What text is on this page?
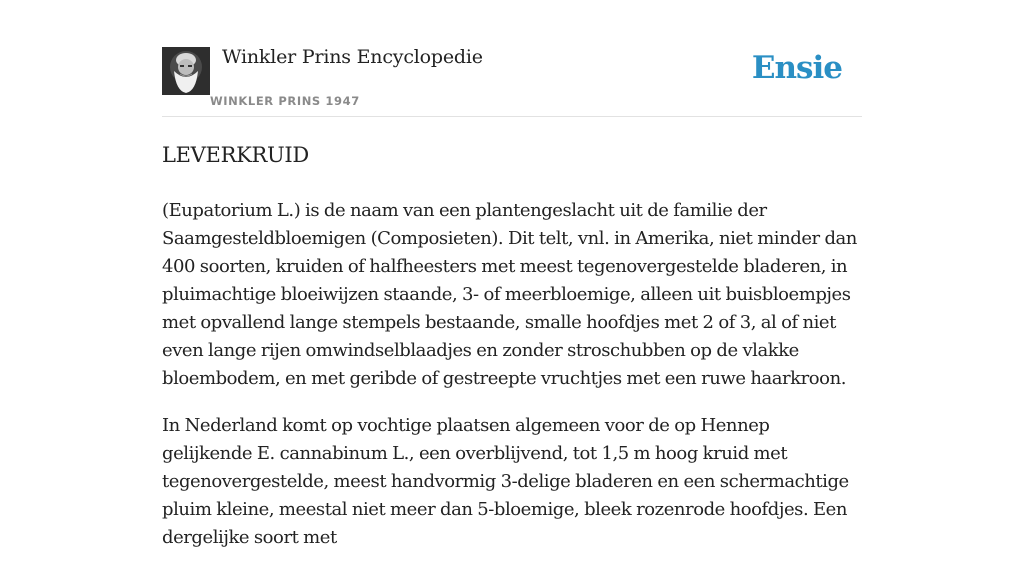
Winkler Prins Encyclopedie
WINKLER PRINS 1947
Ensie
LEVERKRUID

(Eupatorium L.) is de naam van een plantengeslacht uit de familie der Saamgesteldbloemigen (Composieten). Dit telt, vnl. in Amerika, niet minder dan 400 soorten, kruiden of halfheesters met meest tegenovergestelde bladeren, in pluimachtige bloeiwijzen staande, 3- of meerbloemige, alleen uit buisbloempjes met opvallend lange stempels bestaande, smalle hoofdjes met 2 of 3, al of niet even lange rijen omwindselblaadjes en zonder stroschubben op de vlakke bloembodem, en met geribde of gestreepte vruchtjes met een ruwe haarkroon.

In Nederland komt op vochtige plaatsen algemeen voor de op Hennep gelijkende E. cannabinum L., een overblijvend, tot 1,5 m hoog kruid met tegenovergestelde, meest handvormig 3-delige bladeren en een schermachtige pluim kleine, meestal niet meer dan 5-bloemige, bleek rozenrode hoofdjes. Een dergelijke soort met
